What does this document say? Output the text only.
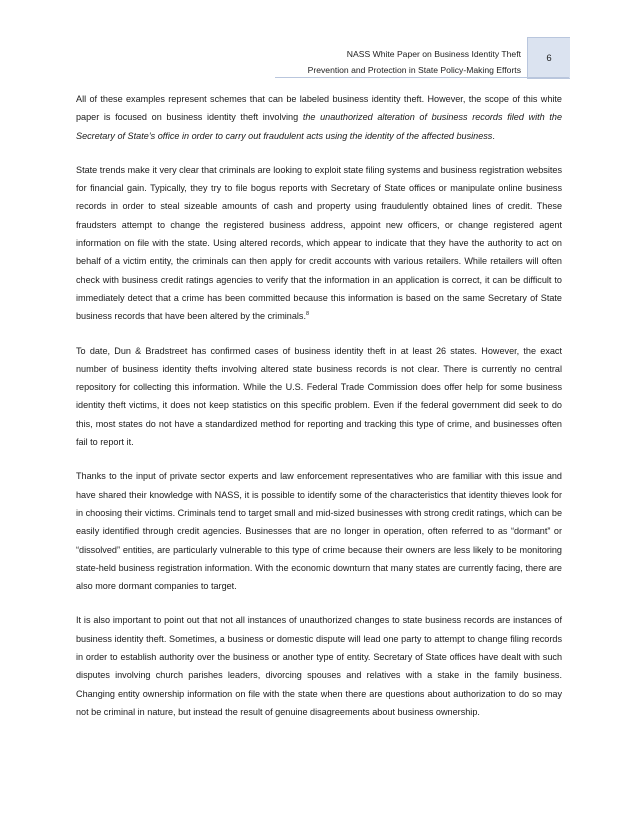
NASS White Paper on Business Identity Theft
Prevention and Protection in State Policy-Making Efforts
6

All of these examples represent schemes that can be labeled business identity theft. However, the scope of this white paper is focused on business identity theft involving the unauthorized alteration of business records filed with the Secretary of State’s office in order to carry out fraudulent acts using the identity of the affected business.

State trends make it very clear that criminals are looking to exploit state filing systems and business registration websites for financial gain. Typically, they try to file bogus reports with Secretary of State offices or manipulate online business records in order to steal sizeable amounts of cash and property using fraudulently obtained lines of credit. These fraudsters attempt to change the registered business address, appoint new officers, or change registered agent information on file with the state. Using altered records, which appear to indicate that they have the authority to act on behalf of a victim entity, the criminals can then apply for credit accounts with various retailers. While retailers will often check with business credit ratings agencies to verify that the information in an application is correct, it can be difficult to immediately detect that a crime has been committed because this information is based on the same Secretary of State business records that have been altered by the criminals.$^8$

To date, Dun & Bradstreet has confirmed cases of business identity theft in at least 26 states. However, the exact number of business identity thefts involving altered state business records is not clear. There is currently no central repository for collecting this information. While the U.S. Federal Trade Commission does offer help for some business identity theft victims, it does not keep statistics on this specific problem. Even if the federal government did seek to do this, most states do not have a standardized method for reporting and tracking this type of crime, and businesses often fail to report it.

Thanks to the input of private sector experts and law enforcement representatives who are familiar with this issue and have shared their knowledge with NASS, it is possible to identify some of the characteristics that identity thieves look for in choosing their victims. Criminals tend to target small and mid-sized businesses with strong credit ratings, which can be easily identified through credit agencies. Businesses that are no longer in operation, often referred to as “dormant” or “dissolved” entities, are particularly vulnerable to this type of crime because their owners are less likely to be monitoring state-held business registration information. With the economic downturn that many states are currently facing, there are also more dormant companies to target.

It is also important to point out that not all instances of unauthorized changes to state business records are instances of business identity theft. Sometimes, a business or domestic dispute will lead one party to attempt to change filing records in order to establish authority over the business or another type of entity. Secretary of State offices have dealt with such disputes involving church parishes leaders, divorcing spouses and relatives with a stake in the family business. Changing entity ownership information on file with the state when there are questions about authorization to do so may not be criminal in nature, but instead the result of genuine disagreements about business ownership.
